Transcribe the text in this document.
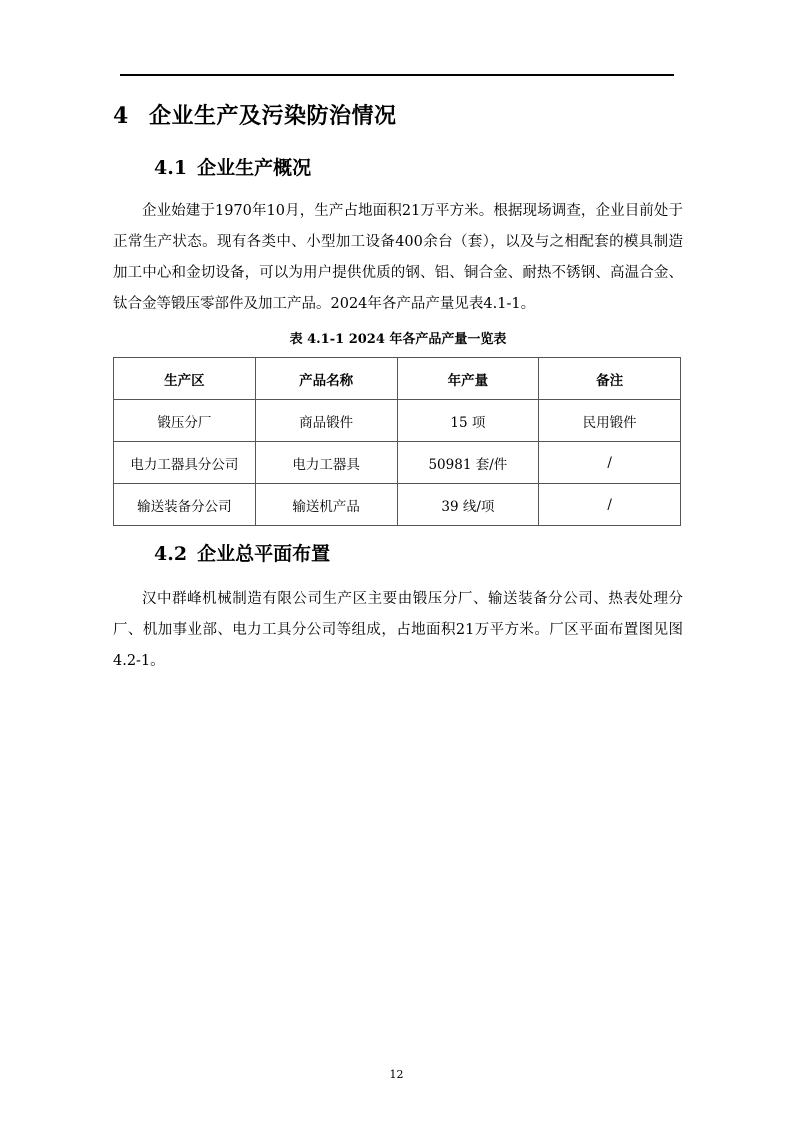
4 企业生产及污染防治情况
4.1 企业生产概况
企业始建于1970年10月，生产占地面积21万平方米。根据现场调查，企业目前处于正常生产状态。现有各类中、小型加工设备400余台（套），以及与之相配套的模具制造加工中心和金切设备，可以为用户提供优质的钢、铝、铜合金、耐热不锈钢、高温合金、钛合金等锻压零部件及加工产品。2024年各产品产量见表4.1-1。
表 4.1-1 2024 年各产品产量一览表
生产区	产品名称	年产量	备注
锻压分厂	商品锻件	15 项	民用锻件
电力工器具分公司	电力工器具	50981 套/件	/
输送装备分公司	输送机产品	39 线/项	/
4.2 企业总平面布置
汉中群峰机械制造有限公司生产区主要由锻压分厂、输送装备分公司、热表处理分厂、机加事业部、电力工具分公司等组成，占地面积21万平方米。厂区平面布置图见图4.2-1。
12
